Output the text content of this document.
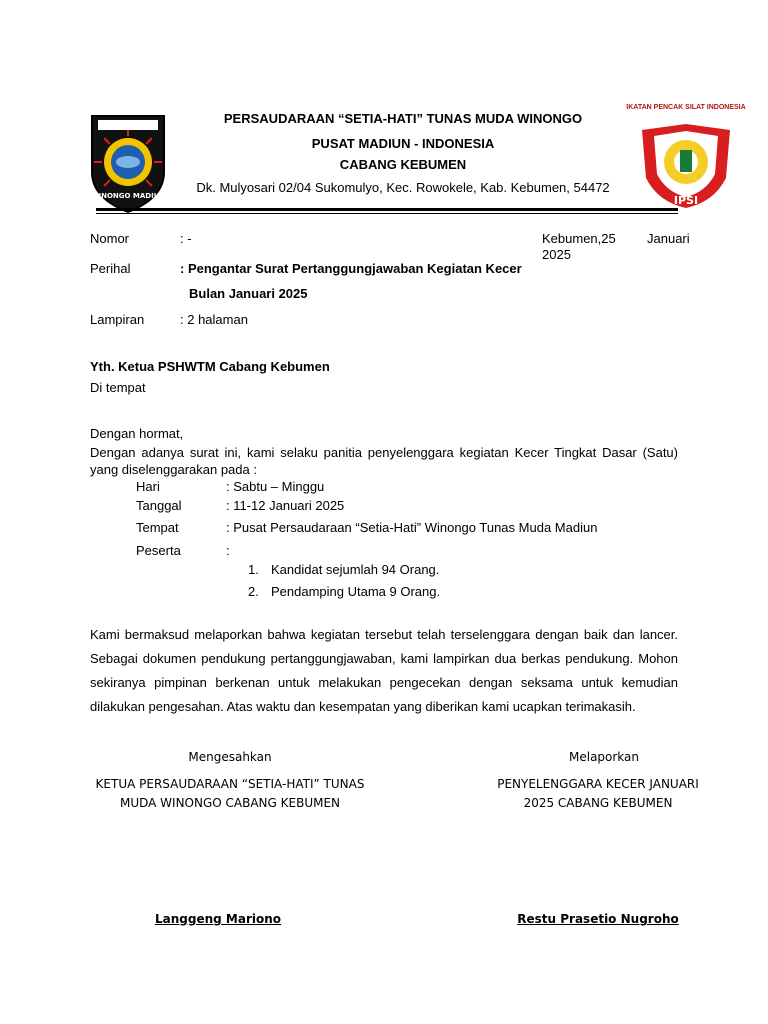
WINONGO MADIUN	IPSI
IKATAN PENCAK SILAT INDONESIA
PERSAUDARAAN “SETIA-HATI” TUNAS MUDA WINONGO
PUSAT MADIUN - INDONESIA
CABANG KEBUMEN
Dk. Mulyosari 02/04 Sukomulyo, Kec. Rowokele, Kab. Kebumen, 54472
Nomor	: -	Kebumen,25 Januari
2025
Perihal	: Pengantar Surat Pertanggungjawaban Kegiatan Kecer
Bulan Januari 2025
Lampiran	: 2 halaman
Yth. Ketua PSHWTM Cabang Kebumen
Di tempat
Dengan hormat,
Dengan adanya surat ini, kami selaku panitia penyelenggara kegiatan Kecer Tingkat Dasar (Satu) yang diselenggarakan pada :
Hari	: Sabtu – Minggu
Tanggal	: 11-12 Januari 2025
Tempat	: Pusat Persaudaraan “Setia-Hati” Winongo Tunas Muda Madiun
Peserta	:
1. Kandidat sejumlah 94 Orang.
2. Pendamping Utama 9 Orang.
Kami bermaksud melaporkan bahwa kegiatan tersebut telah terselenggara dengan baik dan lancer. Sebagai dokumen pendukung pertanggungjawaban, kami lampirkan dua berkas pendukung. Mohon sekiranya pimpinan berkenan untuk melakukan pengecekan dengan seksama untuk kemudian dilakukan pengesahan. Atas waktu dan kesempatan yang diberikan kami ucapkan terimakasih.
Mengesahkan
KETUA PERSAUDARAAN “SETIA-HATI” TUNAS
MUDA WINONGO CABANG KEBUMEN
Langgeng Mariono
Melaporkan
PENYELENGGARA KECER JANUARI
2025 CABANG KEBUMEN
Restu Prasetio Nugroho
